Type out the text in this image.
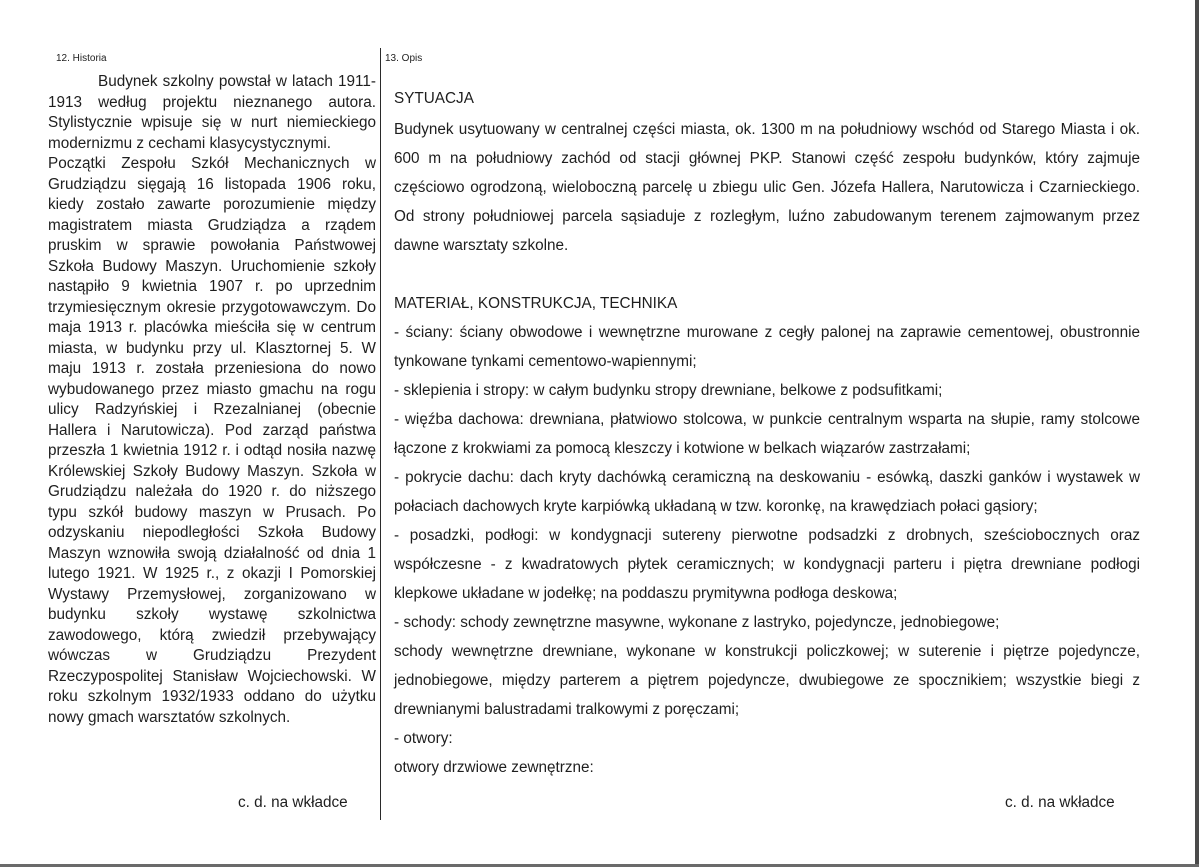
12. Historia	13. Opis

Budynek szkolny powstał w latach 1911-1913 według projektu nieznanego autora. Stylistycznie wpisuje się w nurt niemieckiego modernizmu z cechami klasycystycznymi.

Początki Zespołu Szkół Mechanicznych w Grudziądzu sięgają 16 listopada 1906 roku, kiedy zostało zawarte porozumienie między magistratem miasta Grudziądza a rządem pruskim w sprawie powołania Państwowej Szkoła Budowy Maszyn. Uruchomienie szkoły nastąpiło 9 kwietnia 1907 r. po uprzednim trzymiesięcznym okresie przygotowawczym. Do maja 1913 r. placówka mieściła się w centrum miasta, w budynku przy ul. Klasztornej 5. W maju 1913 r. została przeniesiona do nowo wybudowanego przez miasto gmachu na rogu ulicy Radzyńskiej i Rzezalnianej (obecnie Hallera i Narutowicza). Pod zarząd państwa przeszła 1 kwietnia 1912 r. i odtąd nosiła nazwę Królewskiej Szkoły Budowy Maszyn. Szkoła w Grudziądzu należała do 1920 r. do niższego typu szkół budowy maszyn w Prusach. Po odzyskaniu niepodległości Szkoła Budowy Maszyn wznowiła swoją działalność od dnia 1 lutego 1921. W 1925 r., z okazji I Pomorskiej Wystawy Przemysłowej, zorganizowano w budynku szkoły wystawę szkolnictwa zawodowego, którą zwiedził przebywający wówczas w Grudziądzu Prezydent Rzeczypospolitej Stanisław Wojciechowski. W roku szkolnym 1932/1933 oddano do użytku nowy gmach warsztatów szkolnych.

c. d. na wkładce
SYTUACJA

Budynek usytuowany w centralnej części miasta, ok. 1300 m na południowy wschód od Starego Miasta i ok. 600 m na południowy zachód od stacji głównej PKP. Stanowi część zespołu budynków, który zajmuje częściowo ogrodzoną, wieloboczną parcelę u zbiegu ulic Gen. Józefa Hallera, Narutowicza i Czarnieckiego. Od strony południowej parcela sąsiaduje z rozległym, luźno zabudowanym terenem zajmowanym przez dawne warsztaty szkolne.

MATERIAŁ, KONSTRUKCJA, TECHNIKA

- ściany: ściany obwodowe i wewnętrzne murowane z cegły palonej na zaprawie cementowej, obustronnie tynkowane tynkami cementowo-wapiennymi;

- sklepienia i stropy: w całym budynku stropy drewniane, belkowe z podsufitkami;

- więźba dachowa: drewniana, płatwiowo stolcowa, w punkcie centralnym wsparta na słupie, ramy stolcowe łączone z krokwiami za pomocą kleszczy i kotwione w belkach wiązarów zastrzałami;

- pokrycie dachu: dach kryty dachówką ceramiczną na deskowaniu - esówką, daszki ganków i wystawek w połaciach dachowych kryte karpiówką układaną w tzw. koronkę, na krawędziach połaci gąsiory;

- posadzki, podłogi: w kondygnacji sutereny pierwotne podsadzki z drobnych, sześciobocznych oraz współczesne - z kwadratowych płytek ceramicznych; w kondygnacji parteru i piętra drewniane podłogi klepkowe układane w jodełkę; na poddaszu prymitywna podłoga deskowa;

- schody: schody zewnętrzne masywne, wykonane z lastryko, pojedyncze, jednobiegowe;

schody wewnętrzne drewniane, wykonane w konstrukcji policzkowej; w suterenie i piętrze pojedyncze, jednobiegowe, między parterem a piętrem pojedyncze, dwubiegowe ze spocznikiem; wszystkie biegi z drewnianymi balustradami tralkowymi z poręczami;

- otwory:

otwory drzwiowe zewnętrzne:

c. d. na wkładce
